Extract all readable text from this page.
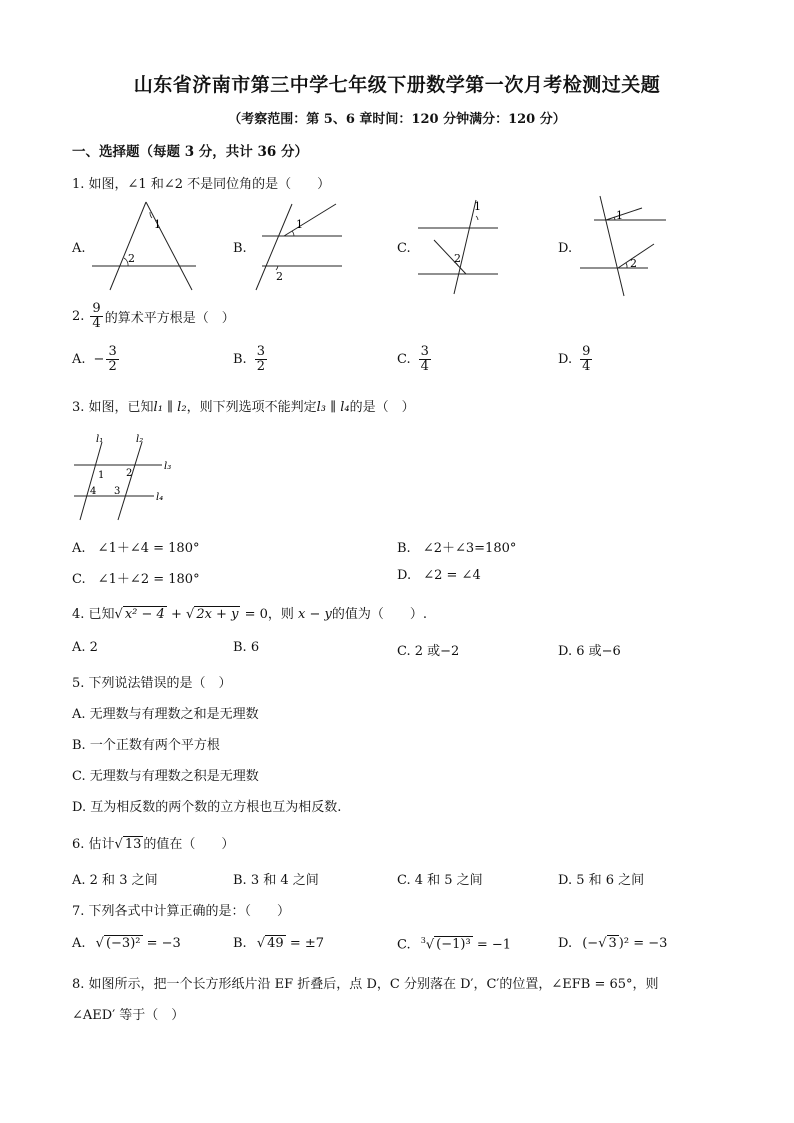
山东省济南市第三中学七年级下册数学第一次月考检测过关题
（考察范围：第 5、6 章时间：120 分钟满分：120 分）
一、选择题（每题 3 分，共计 36 分）
1. 如图，∠1 和∠2 不是同位角的是（　　）
A.
1
2
B.
1
2
C.
1
2
D.
1
2
2. $\frac{9}{4}$ 的算术平方根是（　）
A. − $\frac{3}{2}$	B. $\frac{3}{2}$	C. $\frac{3}{4}$	D. $\frac{9}{4}$
3. 如图，已知l₁ ∥ l₂，则下列选项不能判定l₃ ∥ l₄的是（　）
l₁	l₂
l₃
l₄
1 2
3
4
A. ∠1＋∠4 = 180°	B. ∠2＋∠3=180°
C. ∠1＋∠2 = 180°	D. ∠2 = ∠4
4. 已知√ x² − 4 + √ 2x + y = 0，则 x − y的值为（　　）.
A. 2	B. 6	C. 2 或−2	D. 6 或−6
5. 下列说法错误的是（　）
A. 无理数与有理数之和是无理数
B. 一个正数有两个平方根
C. 无理数与有理数之积是无理数
D. 互为相反数的两个数的立方根也互为相反数.
6. 估计√ 13 的值在（　　）
A. 2 和 3 之间	B. 3 和 4 之间	C. 4 和 5 之间	D. 5 和 6 之间
7. 下列各式中计算正确的是：（　　）
A. √ (−3)² = −3	B. √ 49 = ±7	C. $^3$√ (−1)³ = −1	D. (−√ 3 )² = −3
8. 如图所示，把一个长方形纸片沿 EF 折叠后，点 D，C 分别落在 D′，C′的位置，∠EFB = 65°，则
∠AED′ 等于（　）
